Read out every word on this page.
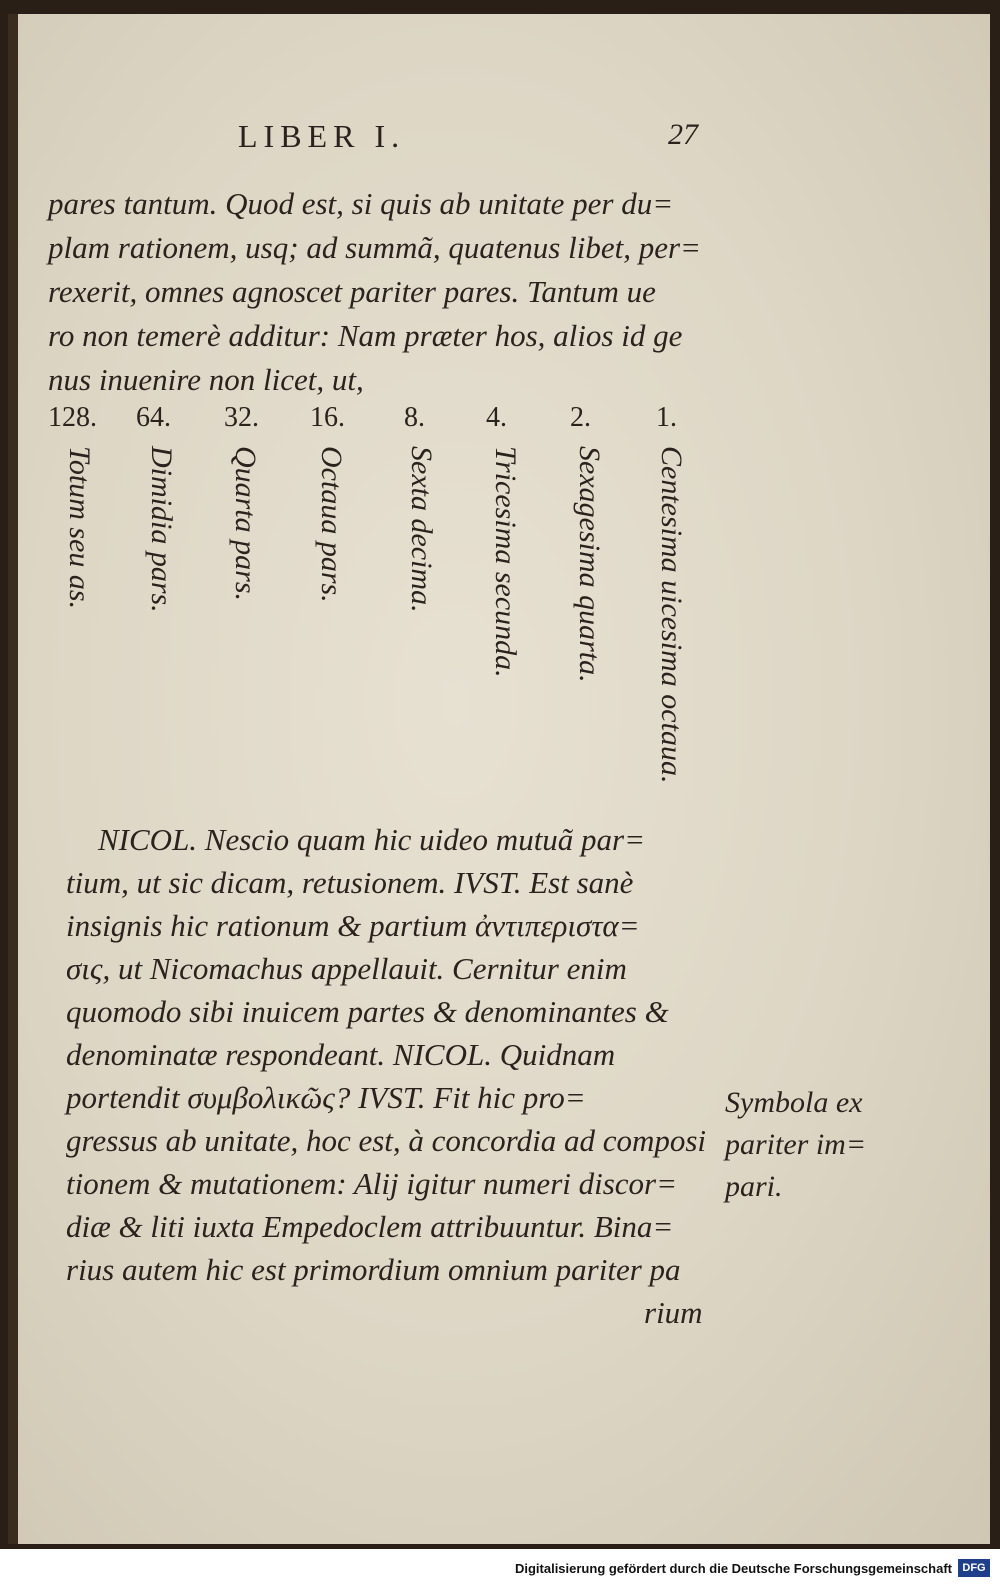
LIBER I.	27
pares tantum. Quod est, si quis ab unitate per du=
plam rationem, usq; ad summã, quatenus libet, per=
rexerit, omnes agnoscet pariter pares. Tantum ue
ro non temerè additur: Nam præter hos, alios id ge
nus inuenire non licet, ut,
128. 64. 32. 16. 8. 4. 2. 1.
Totum seu as. Dimidia pars. Quarta pars. Octaua pars. Sexta decima. Tricesima secunda. Sexagesima quarta. Centesima uicesima octaua.
NICOL. Nescio quam hic uideo mutuã par=
tium, ut sic dicam, retusionem. IVST. Est sanè
insignis hic rationum & partium ἀντιπεριστα=
σις, ut Nicomachus appellauit. Cernitur enim
quomodo sibi inuicem partes & denominantes &
denominatæ respondeant. NICOL. Quidnam
portendit συμβολικῶς? IVST. Fit hic pro=
gressus ab unitate, hoc est, à concordia ad composi
tionem & mutationem: Alij igitur numeri discor=
diæ & liti iuxta Empedoclem attribuuntur. Bina=
rius autem hic est primordium omnium pariter pa
rium
Symbola ex
pariter im=
pari.
Digitalisierung gefördert durch die Deutsche Forschungsgemeinschaft DFG
